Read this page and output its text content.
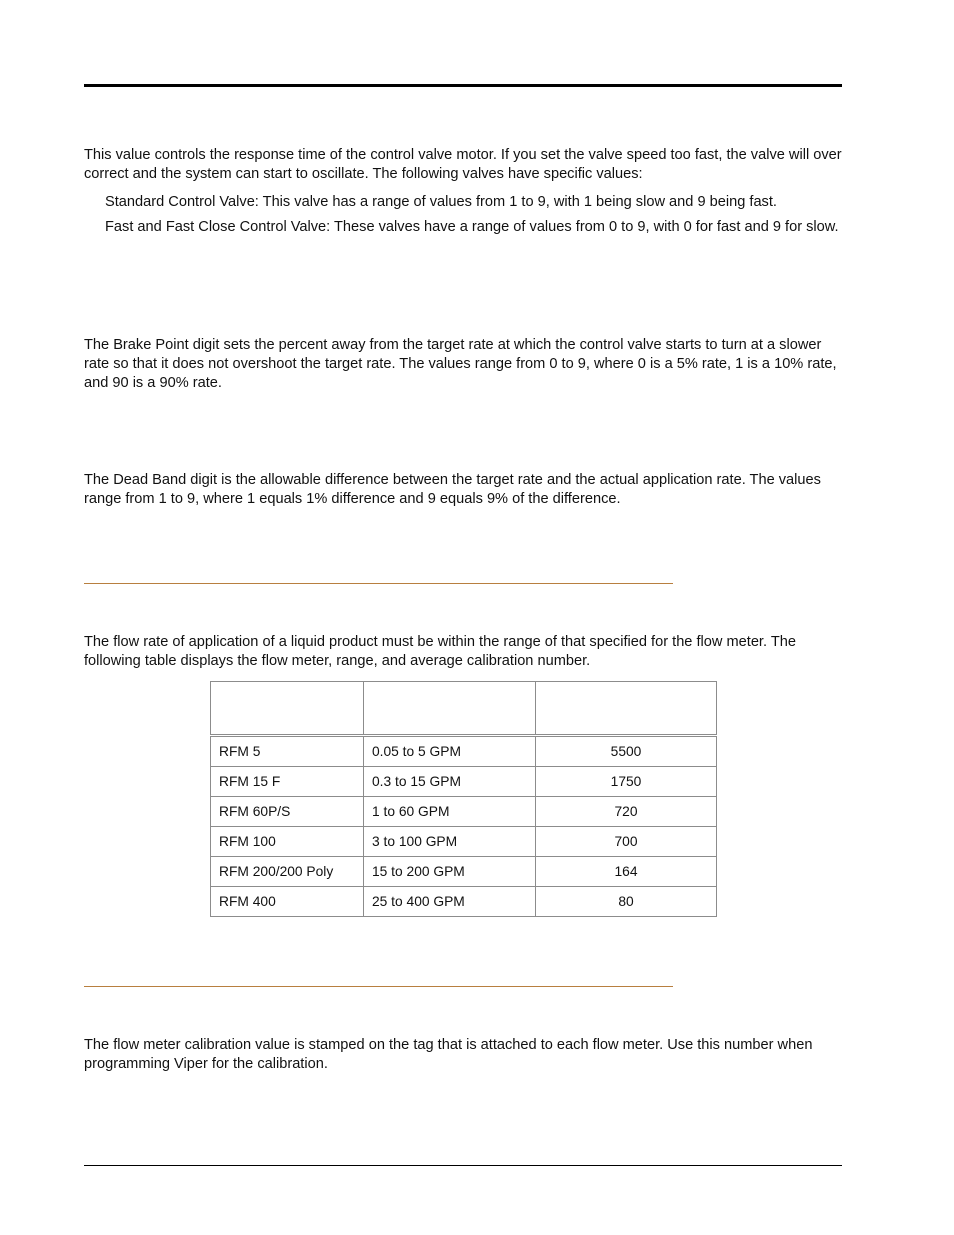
This value controls the response time of the control valve motor. If you set the valve speed too fast, the valve will over correct and the system can start to oscillate. The following valves have specific values:

Standard Control Valve: This valve has a range of values from 1 to 9, with 1 being slow and 9 being fast.

Fast and Fast Close Control Valve: These valves have a range of values from 0 to 9, with 0 for fast and 9 for slow.

The Brake Point digit sets the percent away from the target rate at which the control valve starts to turn at a slower rate so that it does not overshoot the target rate. The values range from 0 to 9, where 0 is a 5% rate, 1 is a 10% rate, and 90 is a 90% rate.

The Dead Band digit is the allowable difference between the target rate and the actual application rate. The values range from 1 to 9, where 1 equals 1% difference and 9 equals 9% of the difference.

The flow rate of application of a liquid product must be within the range of that specified for the flow meter. The following table displays the flow meter, range, and average calibration number.

RFM 5	0.05 to 5 GPM	5500
RFM 15 F	0.3 to 15 GPM	1750
RFM 60P/S	1 to 60 GPM	720
RFM 100	3 to 100 GPM	700
RFM 200/200 Poly	15 to 200 GPM	164
RFM 400	25 to 400 GPM	80

The flow meter calibration value is stamped on the tag that is attached to each flow meter. Use this number when programming Viper for the calibration.
